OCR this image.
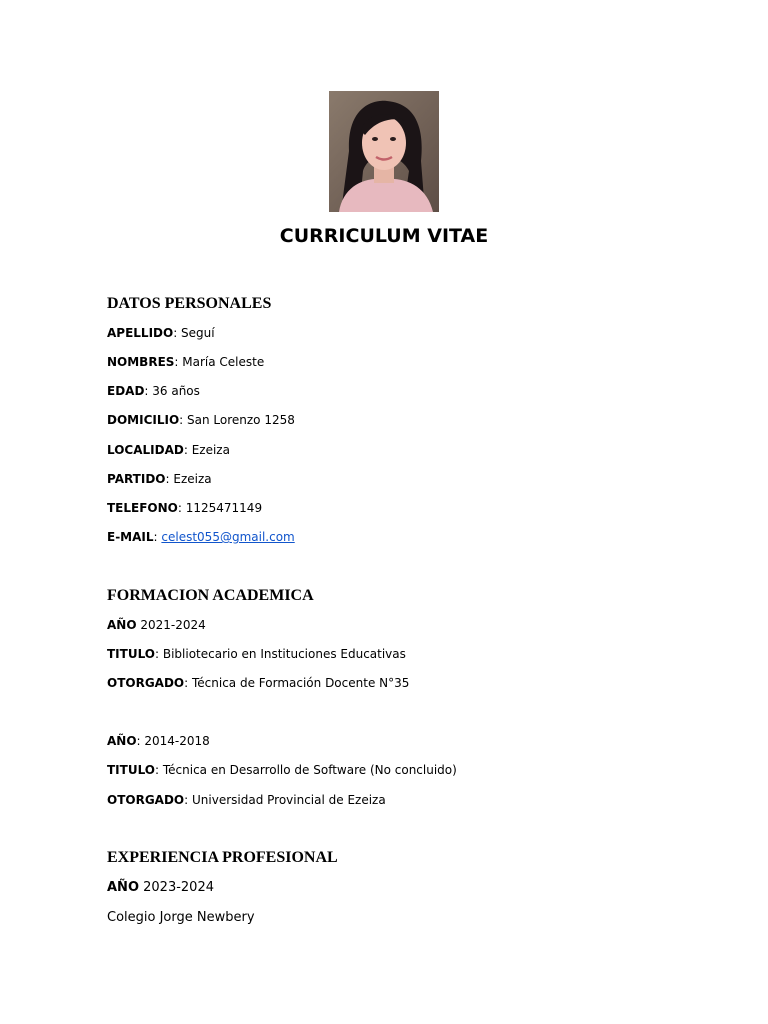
CURRICULUM VITAE
DATOS PERSONALES
APELLIDO: Seguí
NOMBRES: María Celeste
EDAD: 36 años
DOMICILIO: San Lorenzo 1258
LOCALIDAD: Ezeiza
PARTIDO: Ezeiza
TELEFONO: 1125471149
E-MAIL: celest055@gmail.com
FORMACION ACADEMICA
AÑO 2021-2024
TITULO: Bibliotecario en Instituciones Educativas
OTORGADO: Técnica de Formación Docente N°35
AÑO: 2014-2018
TITULO: Técnica en Desarrollo de Software (No concluido)
OTORGADO: Universidad Provincial de Ezeiza
EXPERIENCIA PROFESIONAL
AÑO 2023-2024
Colegio Jorge Newbery
